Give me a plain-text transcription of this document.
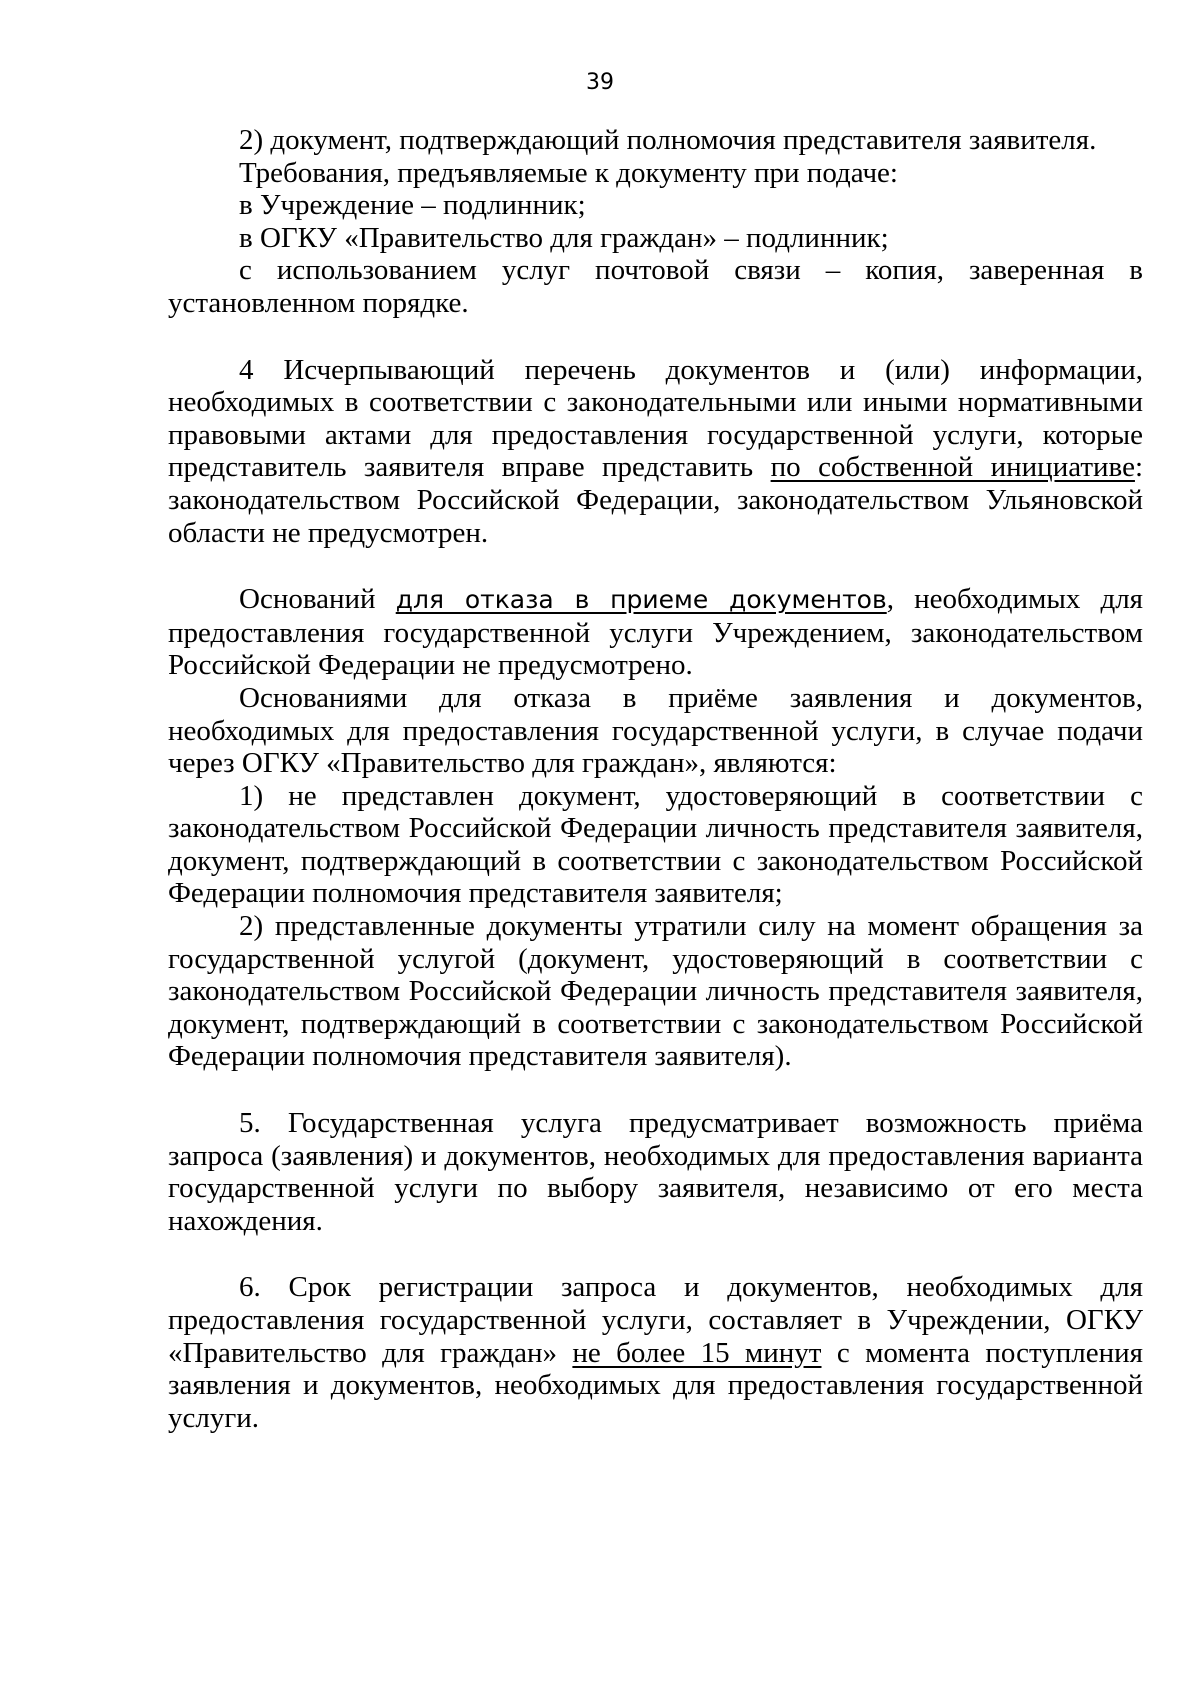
39

2) документ, подтверждающий полномочия представителя заявителя.

Требования, предъявляемые к документу при подаче:

в Учреждение – подлинник;

в ОГКУ «Правительство для граждан» – подлинник;

с использованием услуг почтовой связи – копия, заверенная в установленном порядке.

4 Исчерпывающий перечень документов и (или) информации, необходимых в соответствии с законодательными или иными нормативными правовыми актами для предоставления государственной услуги, которые представитель заявителя вправе представить по собственной инициативе: законодательством Российской Федерации, законодательством Ульяновской области не предусмотрен.

Оснований для отказа в приеме документов, необходимых для предоставления государственной услуги Учреждением, законодательством Российской Федерации не предусмотрено.

Основаниями для отказа в приёме заявления и документов, необходимых для предоставления государственной услуги, в случае подачи через ОГКУ «Правительство для граждан», являются:

1) не представлен документ, удостоверяющий в соответствии с законодательством Российской Федерации личность представителя заявителя, документ, подтверждающий в соответствии с законодательством Российской Федерации полномочия представителя заявителя;

2) представленные документы утратили силу на момент обращения за государственной услугой (документ, удостоверяющий в соответствии с законодательством Российской Федерации личность представителя заявителя, документ, подтверждающий в соответствии с законодательством Российской Федерации полномочия представителя заявителя).

5. Государственная услуга предусматривает возможность приёма запроса (заявления) и документов, необходимых для предоставления варианта государственной услуги по выбору заявителя, независимо от его места нахождения.

6. Срок регистрации запроса и документов, необходимых для предоставления государственной услуги, составляет в Учреждении, ОГКУ «Правительство для граждан» не более 15 минут с момента поступления заявления и документов, необходимых для предоставления государственной услуги.
